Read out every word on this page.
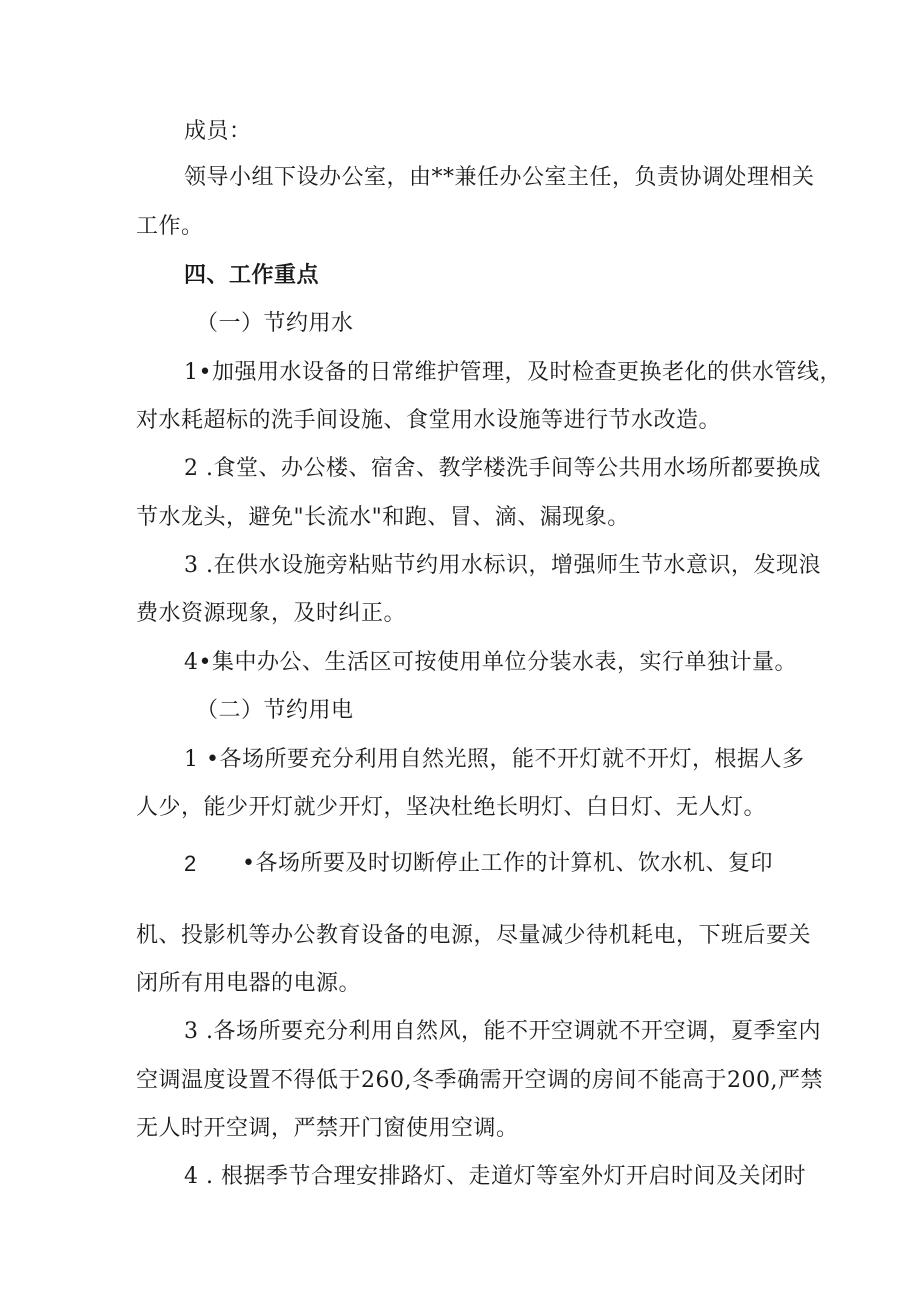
成员：
领导小组下设办公室，由**兼任办公室主任，负责协调处理相关
工作。
四、工作重点
（一）节约用水
1•加强用水设备的日常维护管理，及时检查更换老化的供水管线，
对水耗超标的洗手间设施、食堂用水设施等进行节水改造。
2 .食堂、办公楼、宿舍、教学楼洗手间等公共用水场所都要换成
节水龙头，避免"长流水"和跑、冒、滴、漏现象。
3 .在供水设施旁粘贴节约用水标识，增强师生节水意识，发现浪
费水资源现象，及时纠正。
4•集中办公、生活区可按使用单位分装水表，实行单独计量。
（二）节约用电
1 •各场所要充分利用自然光照，能不开灯就不开灯，根据人多
人少，能少开灯就少开灯，坚决杜绝长明灯、白日灯、无人灯。
2 •各场所要及时切断停止工作的计算机、饮水机、复印
机、投影机等办公教育设备的电源，尽量减少待机耗电，下班后要关
闭所有用电器的电源。
3 .各场所要充分利用自然风，能不开空调就不开空调，夏季室内
空调温度设置不得低于260,冬季确需开空调的房间不能高于200,严禁
无人时开空调，严禁开门窗使用空调。
4 . 根据季节合理安排路灯、走道灯等室外灯开启时间及关闭时
